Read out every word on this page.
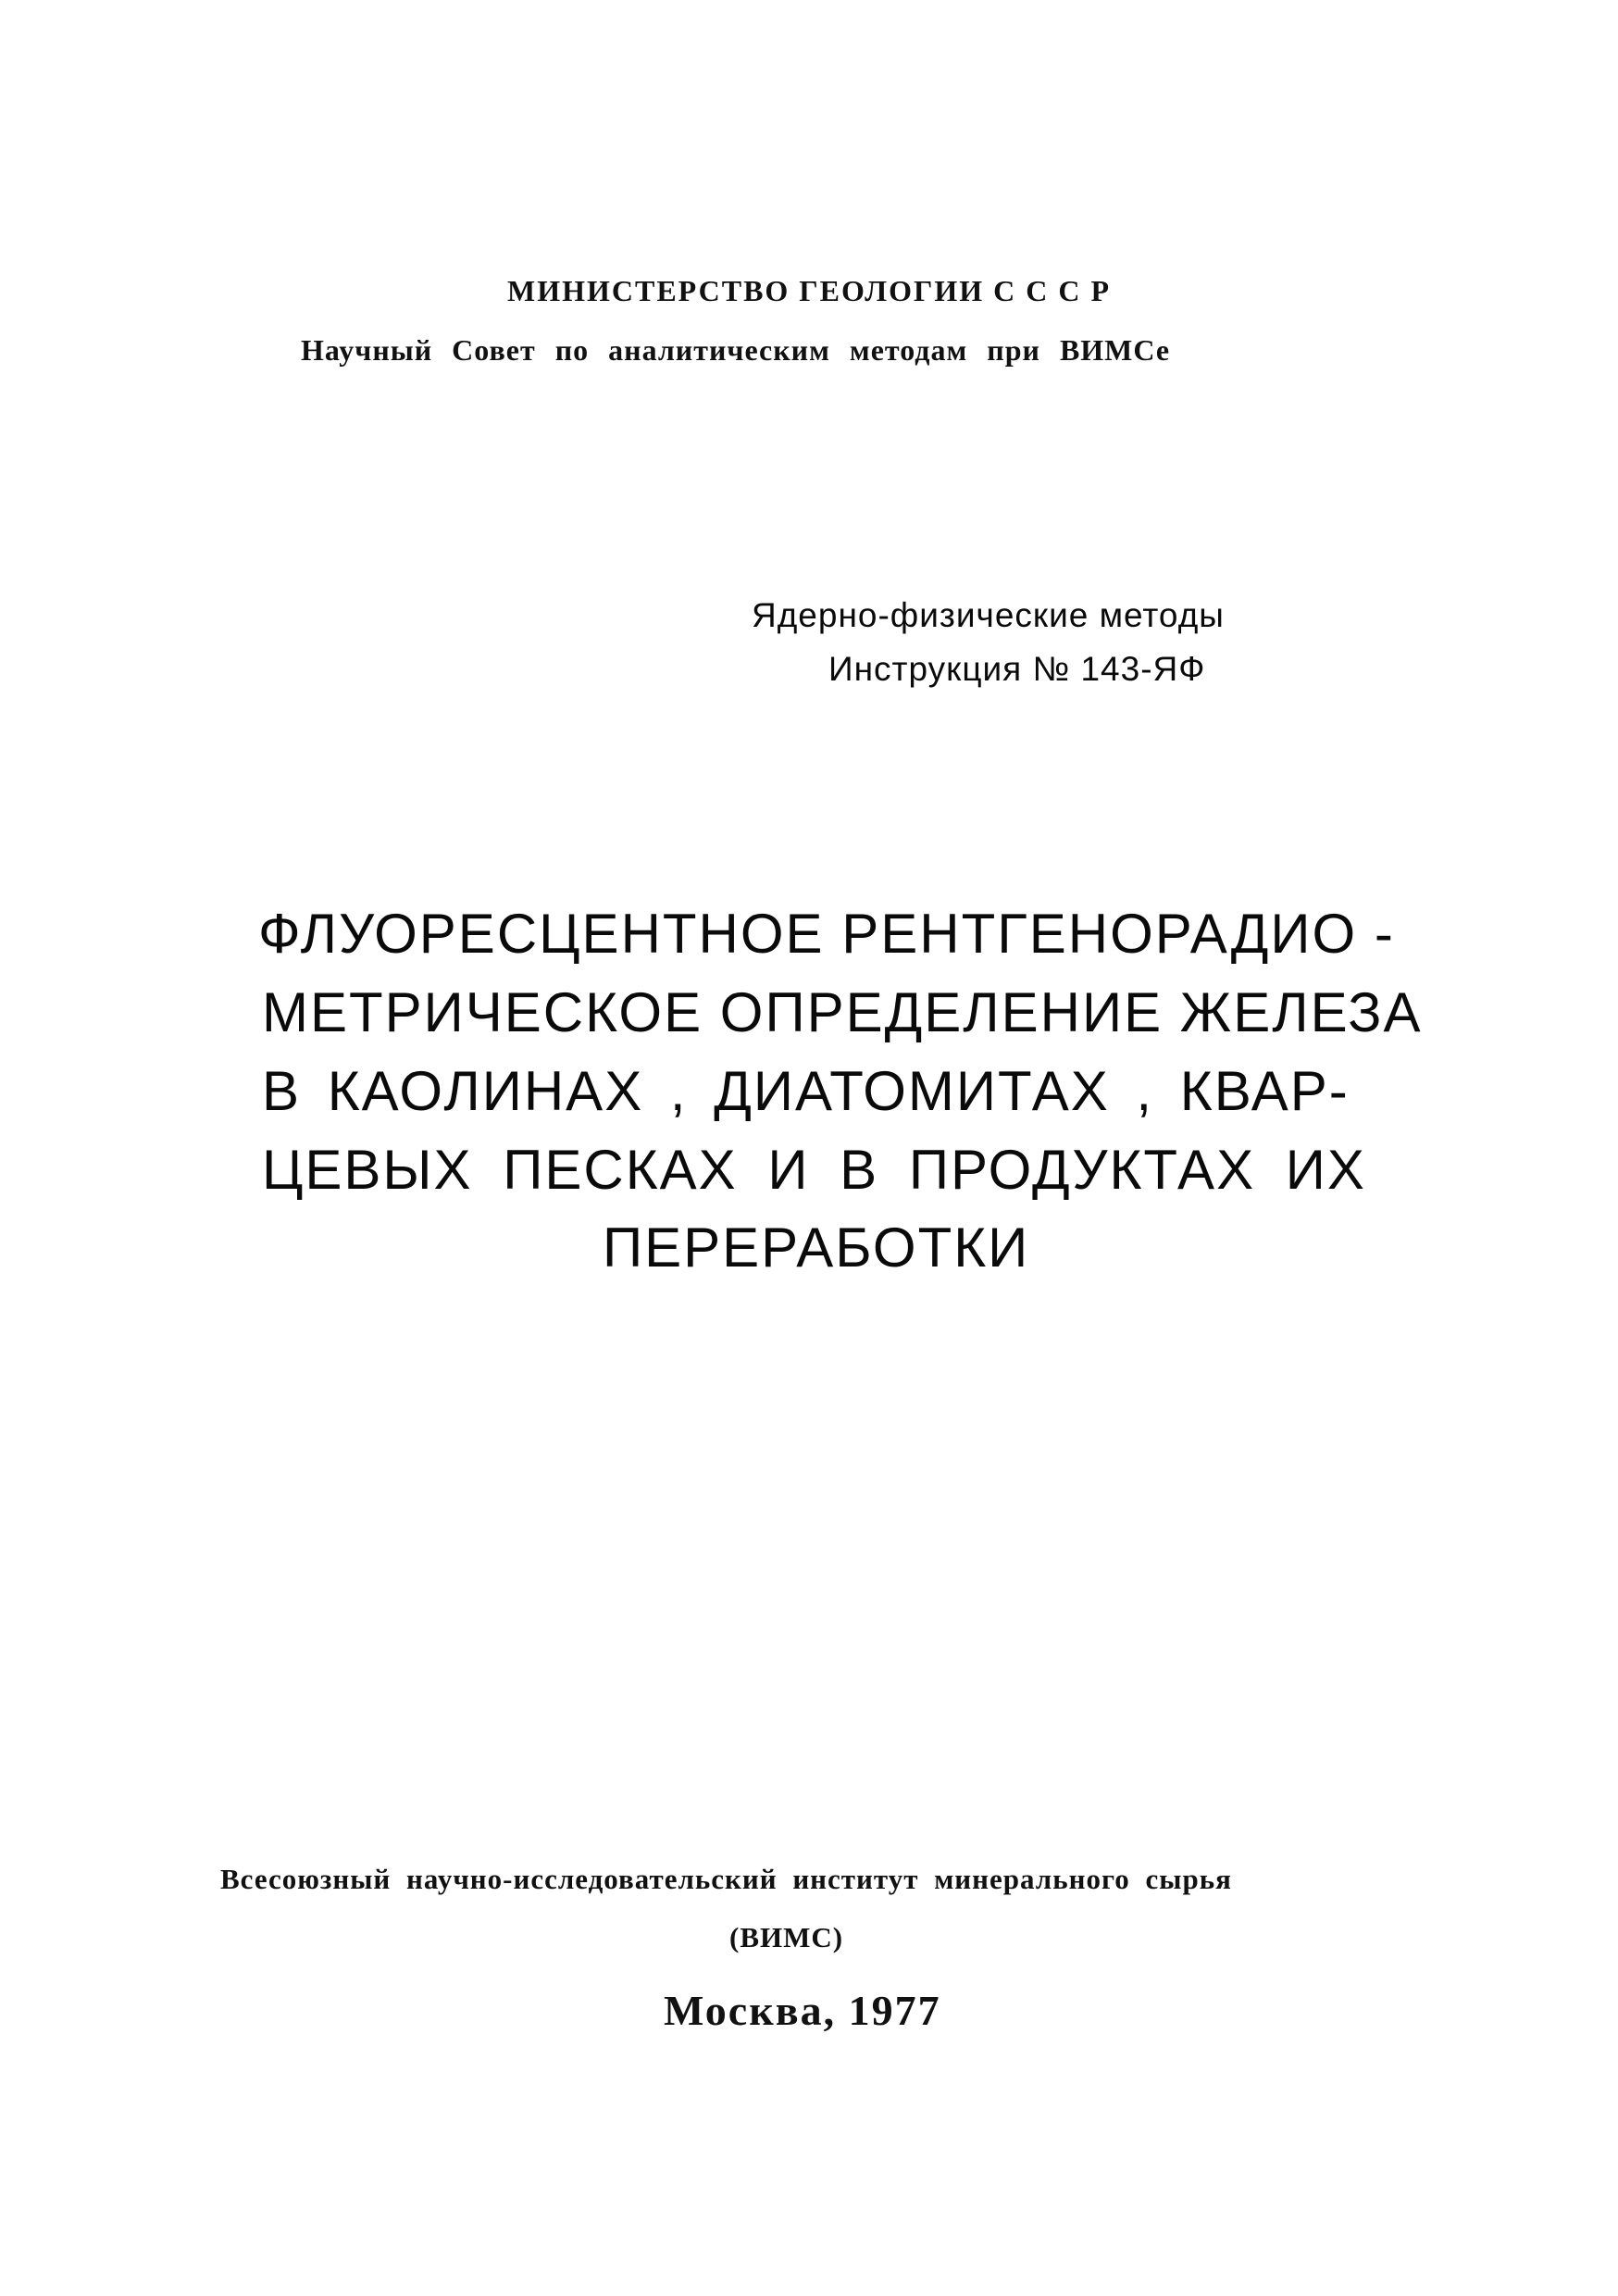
МИНИСТЕРСТВО ГЕОЛОГИИ С С С Р

Научный Совет по аналитическим методам при ВИМСе

Ядерно-физические методы

Инструкция № 143-ЯФ

ФЛУОРЕСЦЕНТНОЕ РЕНТГЕНОРАДИО -

МЕТРИЧЕСКОЕ ОПРЕДЕЛЕНИЕ ЖЕЛЕЗА

В КАОЛИНАХ , ДИАТОМИТАХ , КВАР-

ЦЕВЫХ ПЕСКАХ И В ПРОДУКТАХ ИХ

ПЕРЕРАБОТКИ

Всесоюзный научно-исследовательский институт минерального сырья

(ВИМС)

Москва, 1977
